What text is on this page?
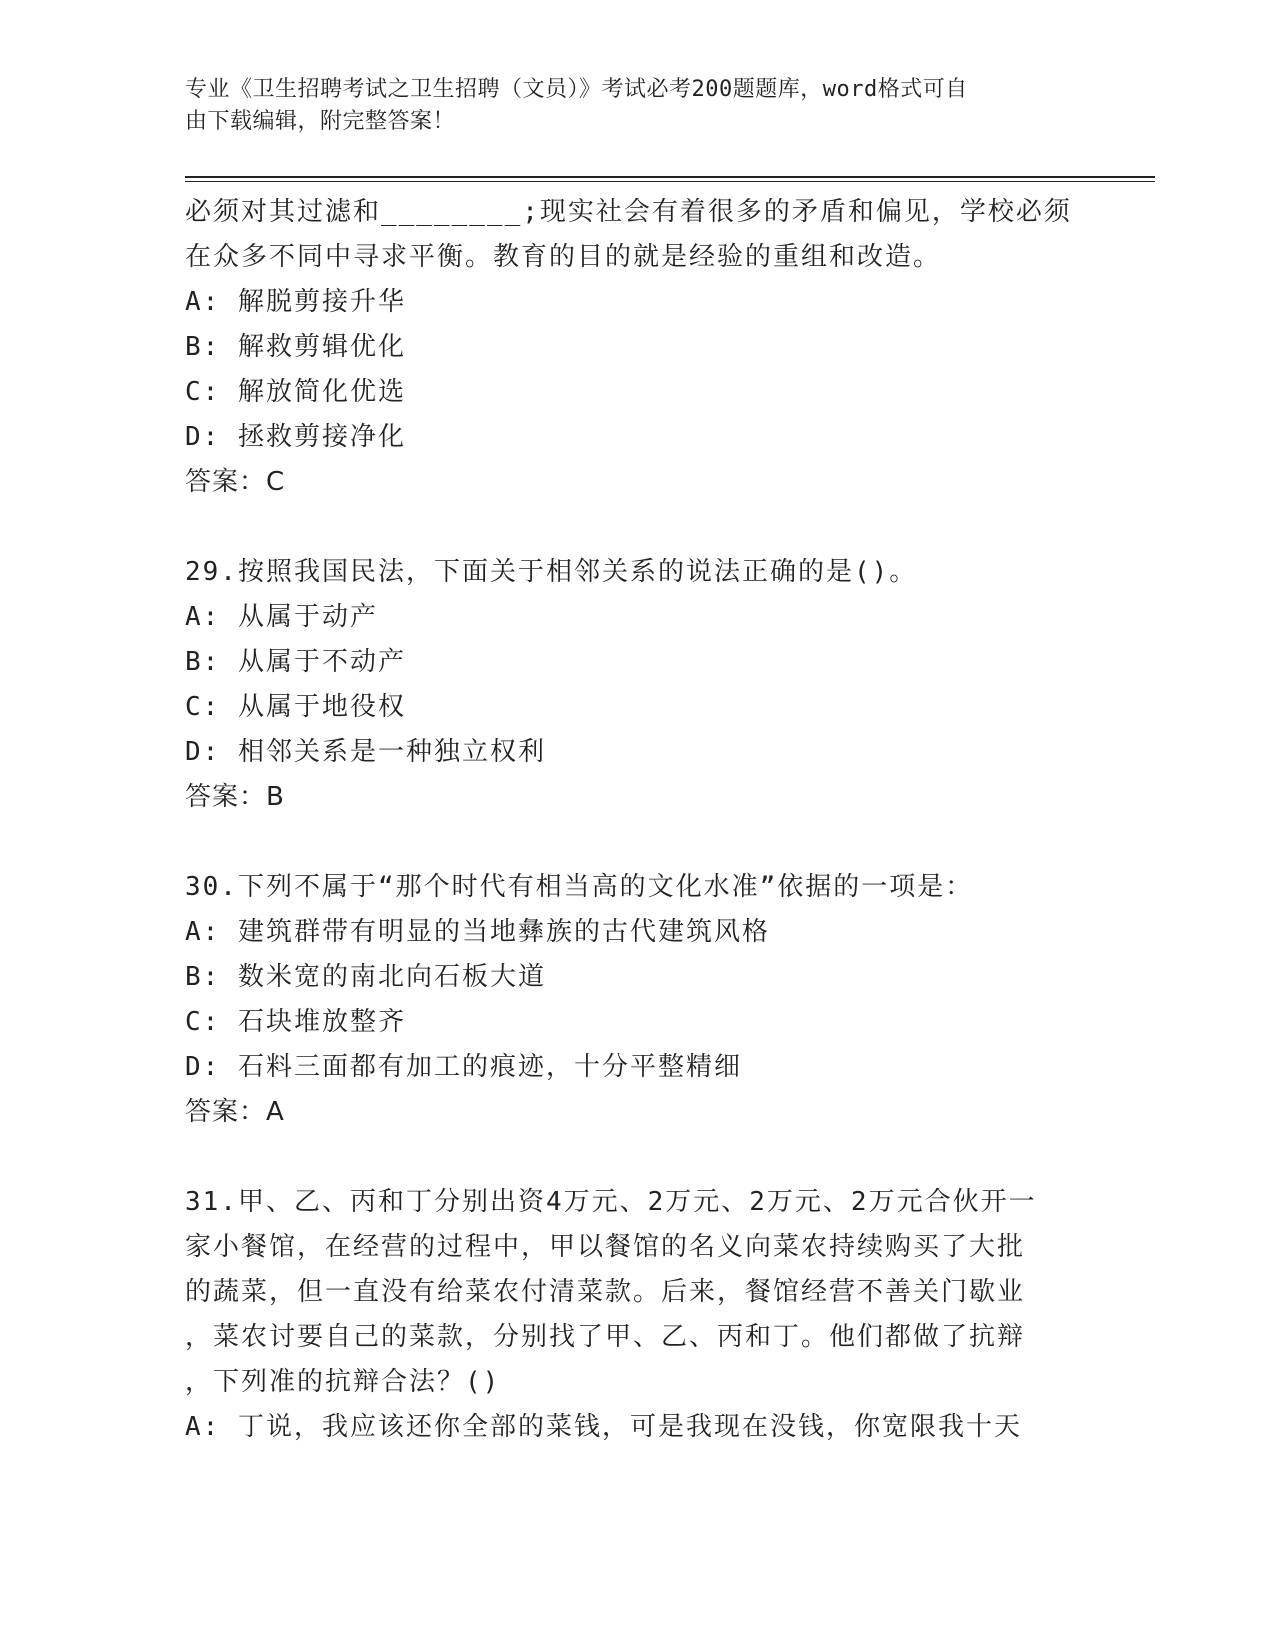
专业《卫生招聘考试之卫生招聘（文员）》考试必考200题题库，word格式可自
由下载编辑，附完整答案！
必须对其过滤和________;现实社会有着很多的矛盾和偏见，学校必须
在众多不同中寻求平衡。教育的目的就是经验的重组和改造。
A: 解脱剪接升华
B: 解救剪辑优化
C: 解放简化优选
D: 拯救剪接净化
答案：C
29.按照我国民法，下面关于相邻关系的说法正确的是()。
A: 从属于动产
B: 从属于不动产
C: 从属于地役权
D: 相邻关系是一种独立权利
答案：B
30.下列不属于“那个时代有相当高的文化水准”依据的一项是：
A: 建筑群带有明显的当地彝族的古代建筑风格
B: 数米宽的南北向石板大道
C: 石块堆放整齐
D: 石料三面都有加工的痕迹，十分平整精细
答案：A
31.甲、乙、丙和丁分别出资4万元、2万元、2万元、2万元合伙开一
家小餐馆，在经营的过程中，甲以餐馆的名义向菜农持续购买了大批
的蔬菜，但一直没有给菜农付清菜款。后来，餐馆经营不善关门歇业
，菜农讨要自己的菜款，分别找了甲、乙、丙和丁。他们都做了抗辩
，下列准的抗辩合法？()
A: 丁说，我应该还你全部的菜钱，可是我现在没钱，你宽限我十天
